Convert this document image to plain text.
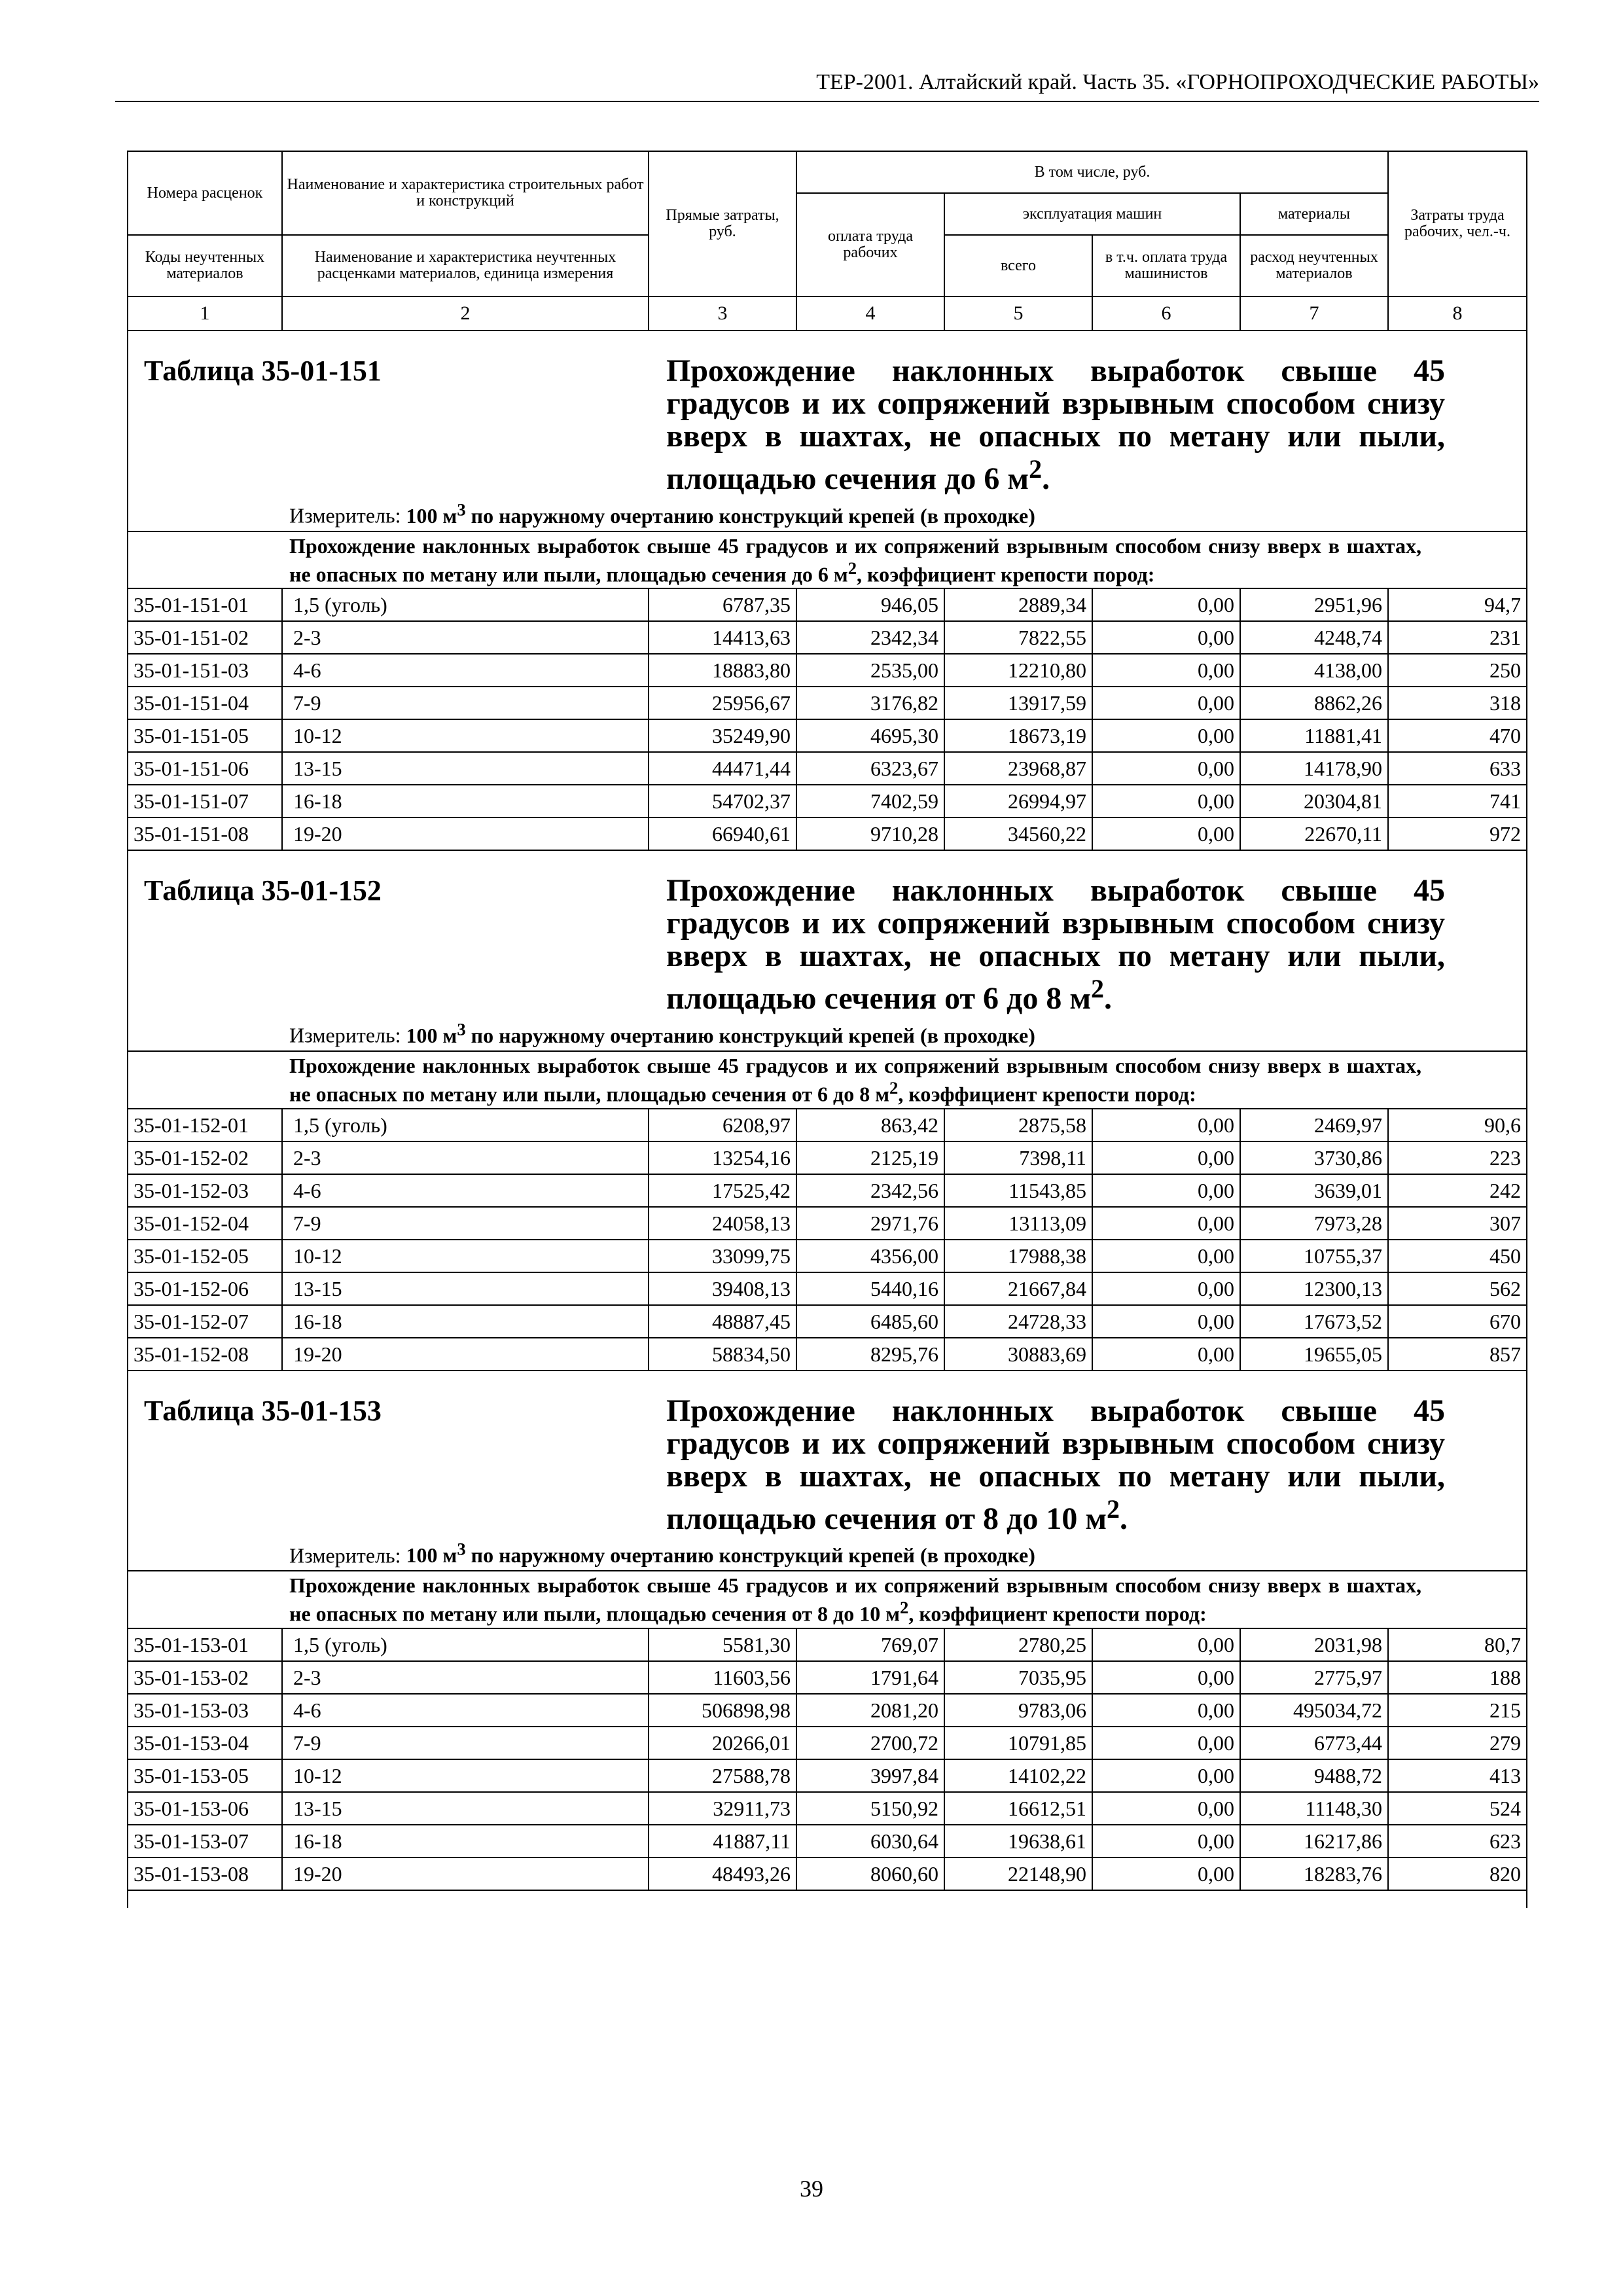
ТЕР-2001. Алтайский край. Часть 35. «ГОРНОПРОХОДЧЕСКИЕ РАБОТЫ»
Номера расценок	Наименование и характеристика строительных работ и конструкций	Прямые затраты, руб.	В том числе, руб.				Затраты труда рабочих, чел.-ч.
			оплата труда рабочих	эксплуатация машин		материалы	
Коды неучтенных материалов	Наименование и характеристика неучтенных расценками материалов, единица измерения			всего	в т.ч. оплата труда машинистов	расход неучтенных материалов	
1	2	3	4	5	6	7	8

Таблица 35-01-151 Прохождение наклонных выработок свыше 45 градусов и их сопряжений взрывным способом снизу вверх в шахтах, не опасных по метану или пыли, площадью сечения до 6 $м^2$.							

Измеритель: 100 $м^3$ по наружному очертанию конструкций крепей (в проходке)							
Прохождение наклонных выработок свыше 45 градусов и их сопряжений взрывным способом снизу вверх в шахтах, не опасных по метану или пыли, площадью сечения до 6 $м^2$, коэффициент крепости пород:							
35-01-151-01	1,5 (уголь)	6787,35	946,05	2889,34	0,00	2951,96	94,7
35-01-151-02	2-3	14413,63	2342,34	7822,55	0,00	4248,74	231
35-01-151-03	4-6	18883,80	2535,00	12210,80	0,00	4138,00	250
35-01-151-04	7-9	25956,67	3176,82	13917,59	0,00	8862,26	318
35-01-151-05	10-12	35249,90	4695,30	18673,19	0,00	11881,41	470
35-01-151-06	13-15	44471,44	6323,67	23968,87	0,00	14178,90	633
35-01-151-07	16-18	54702,37	7402,59	26994,97	0,00	20304,81	741
35-01-151-08	19-20	66940,61	9710,28	34560,22	0,00	22670,11	972

Таблица 35-01-152 Прохождение наклонных выработок свыше 45 градусов и их сопряжений взрывным способом снизу вверх в шахтах, не опасных по метану или пыли, площадью сечения от 6 до 8 $м^2$.							

Измеритель: 100 $м^3$ по наружному очертанию конструкций крепей (в проходке)							
Прохождение наклонных выработок свыше 45 градусов и их сопряжений взрывным способом снизу вверх в шахтах, не опасных по метану или пыли, площадью сечения от 6 до 8 $м^2$, коэффициент крепости пород:							
35-01-152-01	1,5 (уголь)	6208,97	863,42	2875,58	0,00	2469,97	90,6
35-01-152-02	2-3	13254,16	2125,19	7398,11	0,00	3730,86	223
35-01-152-03	4-6	17525,42	2342,56	11543,85	0,00	3639,01	242
35-01-152-04	7-9	24058,13	2971,76	13113,09	0,00	7973,28	307
35-01-152-05	10-12	33099,75	4356,00	17988,38	0,00	10755,37	450
35-01-152-06	13-15	39408,13	5440,16	21667,84	0,00	12300,13	562
35-01-152-07	16-18	48887,45	6485,60	24728,33	0,00	17673,52	670
35-01-152-08	19-20	58834,50	8295,76	30883,69	0,00	19655,05	857

Таблица 35-01-153 Прохождение наклонных выработок свыше 45 градусов и их сопряжений взрывным способом снизу вверх в шахтах, не опасных по метану или пыли, площадью сечения от 8 до 10 $м^2$.							

Измеритель: 100 $м^3$ по наружному очертанию конструкций крепей (в проходке)							
Прохождение наклонных выработок свыше 45 градусов и их сопряжений взрывным способом снизу вверх в шахтах, не опасных по метану или пыли, площадью сечения от 8 до 10 $м^2$, коэффициент крепости пород:							
35-01-153-01	1,5 (уголь)	5581,30	769,07	2780,25	0,00	2031,98	80,7
35-01-153-02	2-3	11603,56	1791,64	7035,95	0,00	2775,97	188
35-01-153-03	4-6	506898,98	2081,20	9783,06	0,00	495034,72	215
35-01-153-04	7-9	20266,01	2700,72	10791,85	0,00	6773,44	279
35-01-153-05	10-12	27588,78	3997,84	14102,22	0,00	9488,72	413
35-01-153-06	13-15	32911,73	5150,92	16612,51	0,00	11148,30	524
35-01-153-07	16-18	41887,11	6030,64	19638,61	0,00	16217,86	623
35-01-153-08	19-20	48493,26	8060,60	22148,90	0,00	18283,76	820

39
